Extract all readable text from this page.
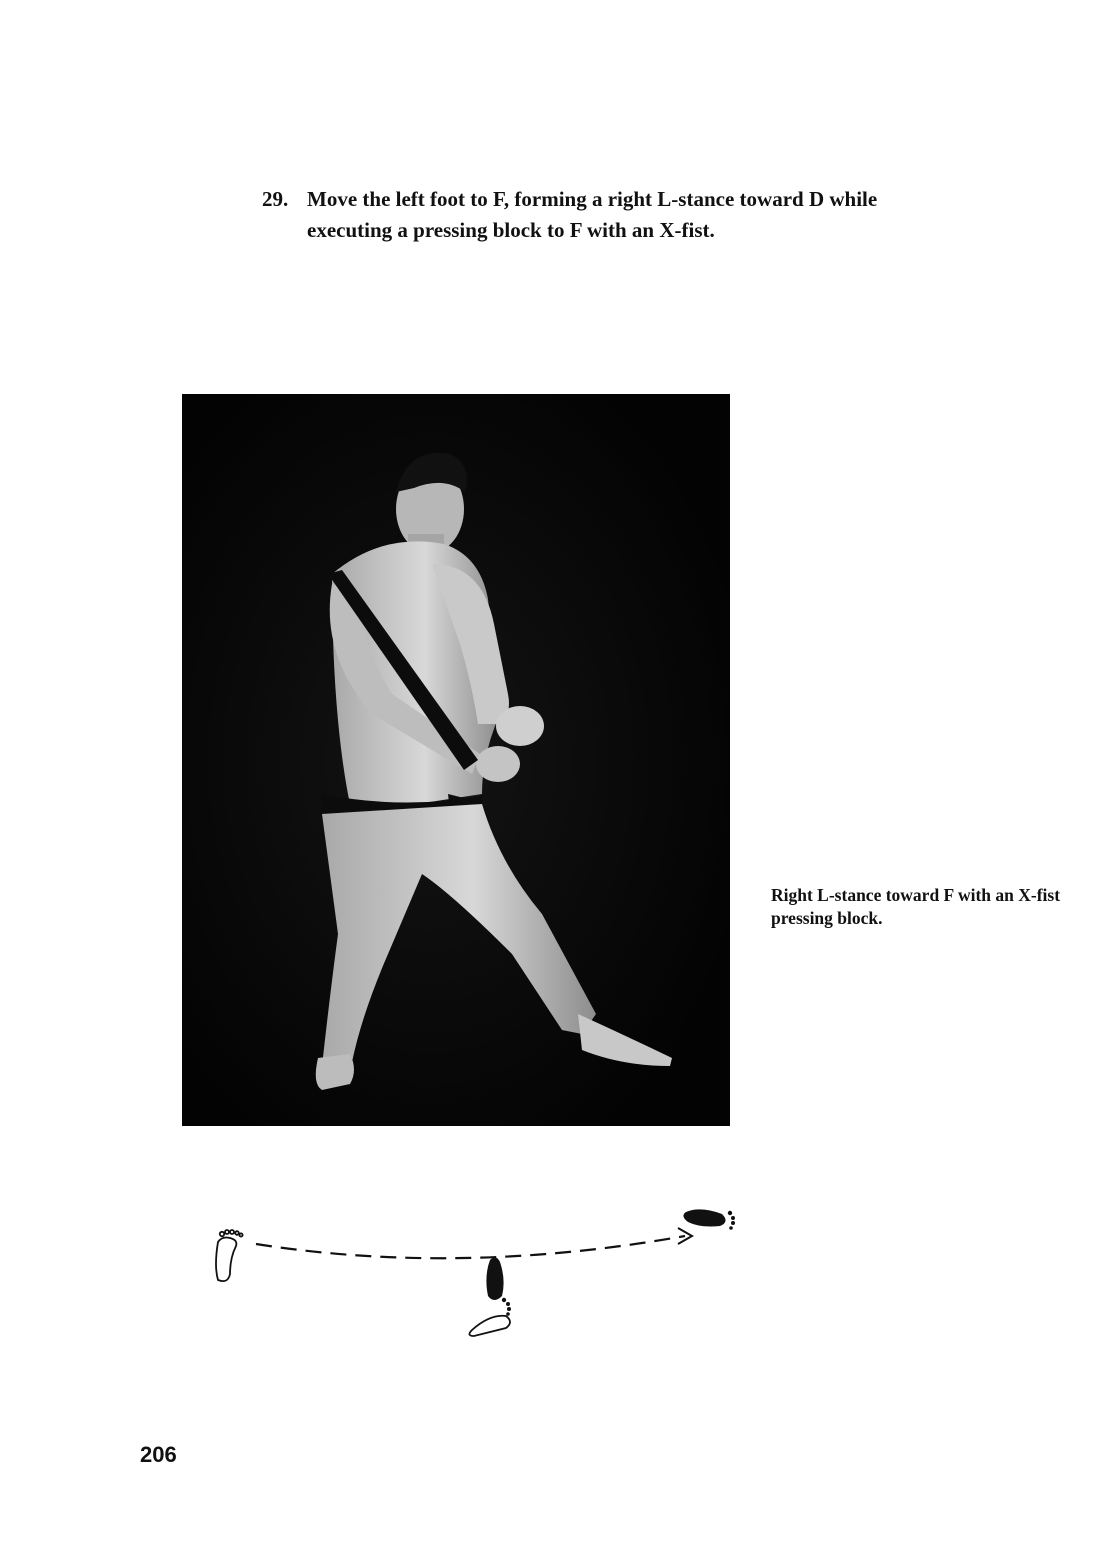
29. Move the left foot to F, forming a right L-stance toward D while executing a pressing block to F with an X-fist.

Right L-stance toward F with an X-fist pressing block.

206
